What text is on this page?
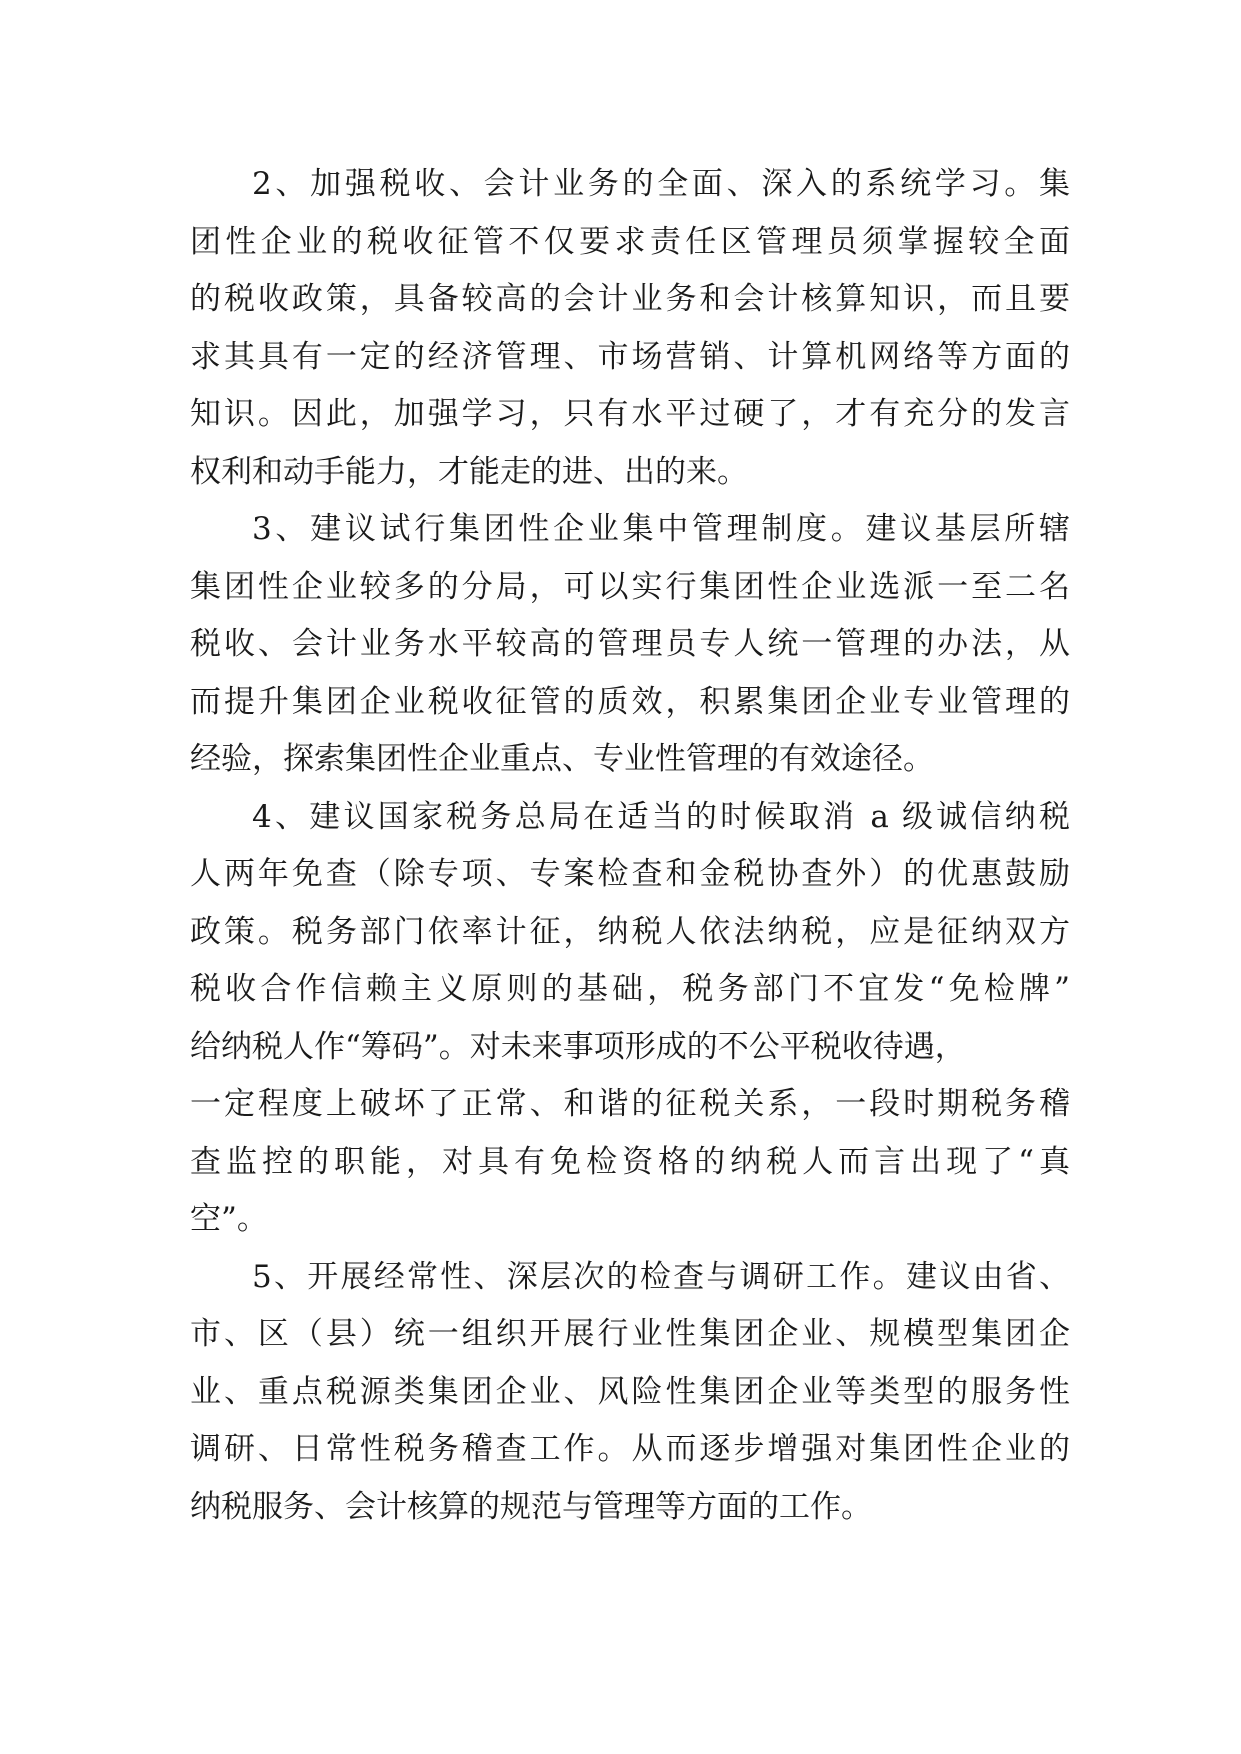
2、加强税收、会计业务的全面、深入的系统学习。集
团性企业的税收征管不仅要求责任区管理员须掌握较全面
的税收政策，具备较高的会计业务和会计核算知识，而且要
求其具有一定的经济管理、市场营销、计算机网络等方面的
知识。因此，加强学习，只有水平过硬了，才有充分的发言
权利和动手能力，才能走的进、出的来。
3、建议试行集团性企业集中管理制度。建议基层所辖
集团性企业较多的分局，可以实行集团性企业选派一至二名
税收、会计业务水平较高的管理员专人统一管理的办法，从
而提升集团企业税收征管的质效，积累集团企业专业管理的
经验，探索集团性企业重点、专业性管理的有效途径。
4、建议国家税务总局在适当的时候取消 a 级诚信纳税
人两年免查（除专项、专案检查和金税协查外）的优惠鼓励
政策。税务部门依率计征，纳税人依法纳税，应是征纳双方
税收合作信赖主义原则的基础，税务部门不宜发“免检牌”
给纳税人作“筹码”。对未来事项形成的不公平税收待遇，
一定程度上破坏了正常、和谐的征税关系，一段时期税务稽
查监控的职能，对具有免检资格的纳税人而言出现了“真
空”。
5、开展经常性、深层次的检查与调研工作。建议由省、
市、区（县）统一组织开展行业性集团企业、规模型集团企
业、重点税源类集团企业、风险性集团企业等类型的服务性
调研、日常性税务稽查工作。从而逐步增强对集团性企业的
纳税服务、会计核算的规范与管理等方面的工作。
